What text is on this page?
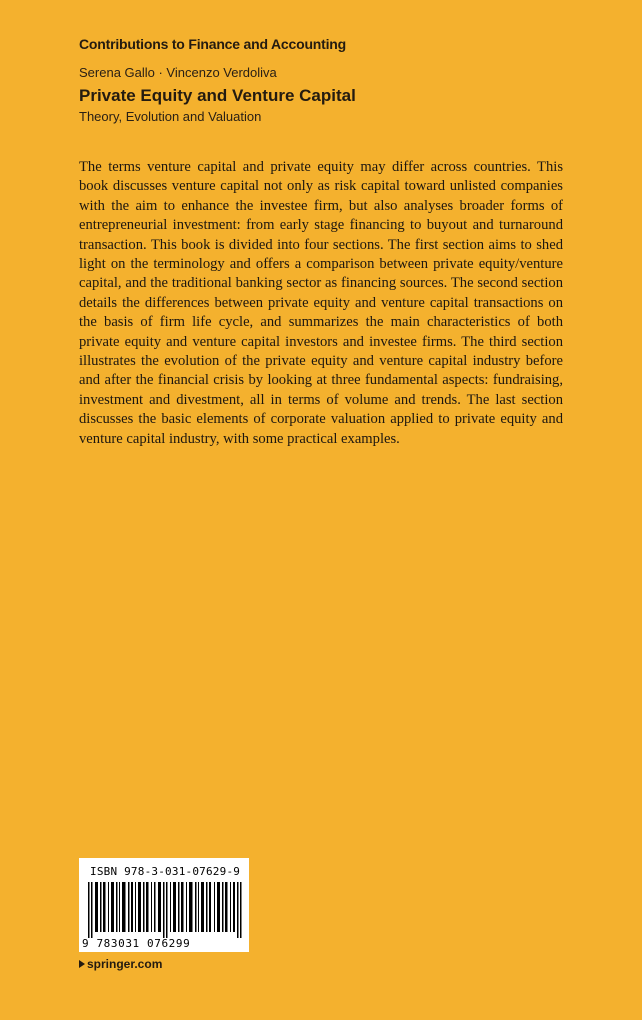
Contributions to Finance and Accounting
Serena Gallo · Vincenzo Verdoliva
Private Equity and Venture Capital
Theory, Evolution and Valuation
The terms venture capital and private equity may differ across countries. This book discusses venture capital not only as risk capital toward unlisted companies with the aim to enhance the investee firm, but also analyses broader forms of entrepreneurial investment: from early stage financing to buyout and turnaround transaction. This book is divided into four sections. The first section aims to shed light on the terminology and offers a comparison between private equity/venture capital, and the traditional banking sector as financing sources. The second section details the differences between private equity and venture capital transactions on the basis of firm life cycle, and summarizes the main characteristics of both private equity and venture capital investors and investee firms. The third section illustrates the evolution of the private equity and venture capital industry before and after the financial crisis by looking at three fundamental aspects: fundraising, investment and divestment, all in terms of volume and trends. The last section discusses the basic elements of corporate valuation applied to private equity and venture capital industry, with some practical examples.
ISBN 978-3-031-07629-9
9 783031 076299
springer.com
